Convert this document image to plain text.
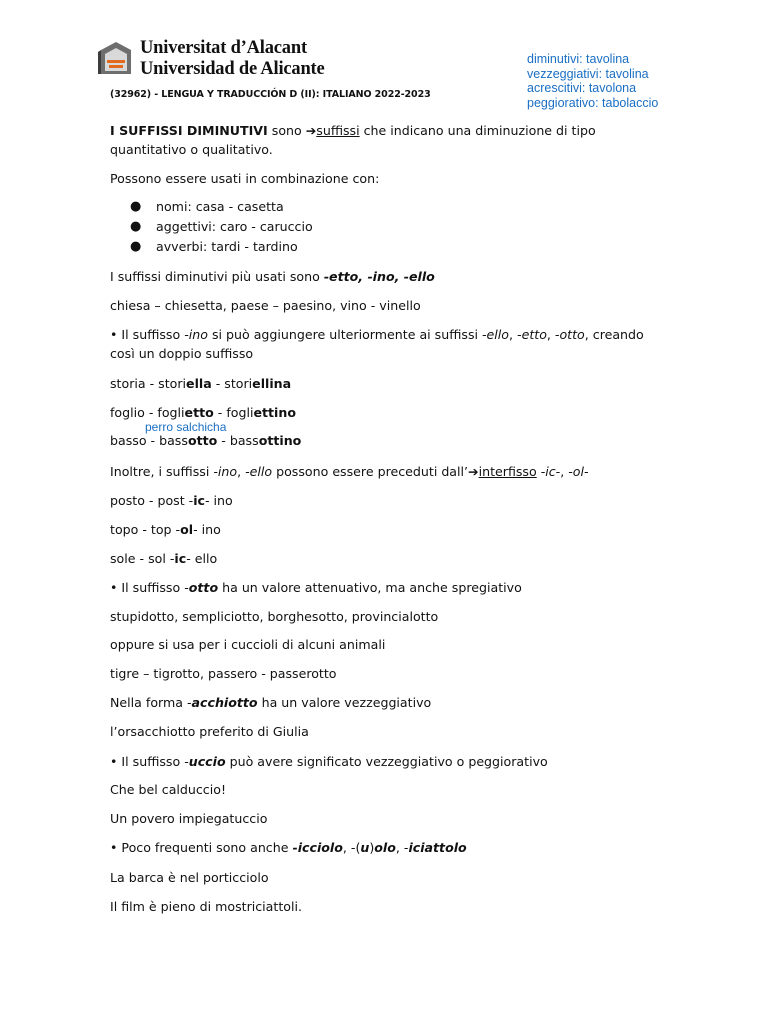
Universitat d’Alacant
Universidad de Alicante
(32962) - LENGUA Y TRADUCCIÓN D (II): ITALIANO 2022-2023
diminutivi: tavolina
vezzeggiativi: tavolina
acrescitivi: tavolona
peggiorativo: tabolaccio
I SUFFISSI DIMINUTIVI sono ➔suffissi che indicano una diminuzione di tipo
quantitativo o qualitativo.
Possono essere usati in combinazione con:
● nomi: casa - casetta
● aggettivi: caro - caruccio
● avverbi: tardi - tardino
I suffissi diminutivi più usati sono -etto, -ino, -ello
chiesa – chiesetta, paese – paesino, vino - vinello
• Il suffisso -ino si può aggiungere ulteriormente ai suffissi -ello, -etto, -otto, creando
così un doppio suffisso
storia - storiella - storiellina
foglio - foglietto - fogliettino
perro salchicha
basso - bassotto - bassottino
Inoltre, i suffissi -ino, -ello possono essere preceduti dall’➔interfisso -ic-, -ol-
posto - post -ic- ino
topo - top -ol- ino
sole - sol -ic- ello
• Il suffisso -otto ha un valore attenuativo, ma anche spregiativo
stupidotto, sempliciotto, borghesotto, provincialotto
oppure si usa per i cuccioli di alcuni animali
tigre – tigrotto, passero - passerotto
Nella forma -acchiotto ha un valore vezzeggiativo
l’orsacchiotto preferito di Giulia
• Il suffisso -uccio può avere significato vezzeggiativo o peggiorativo
Che bel calduccio!
Un povero impiegatuccio
• Poco frequenti sono anche -icciolo, -(u)olo, -iciattolo
La barca è nel porticciolo
Il film è pieno di mostriciattoli.
